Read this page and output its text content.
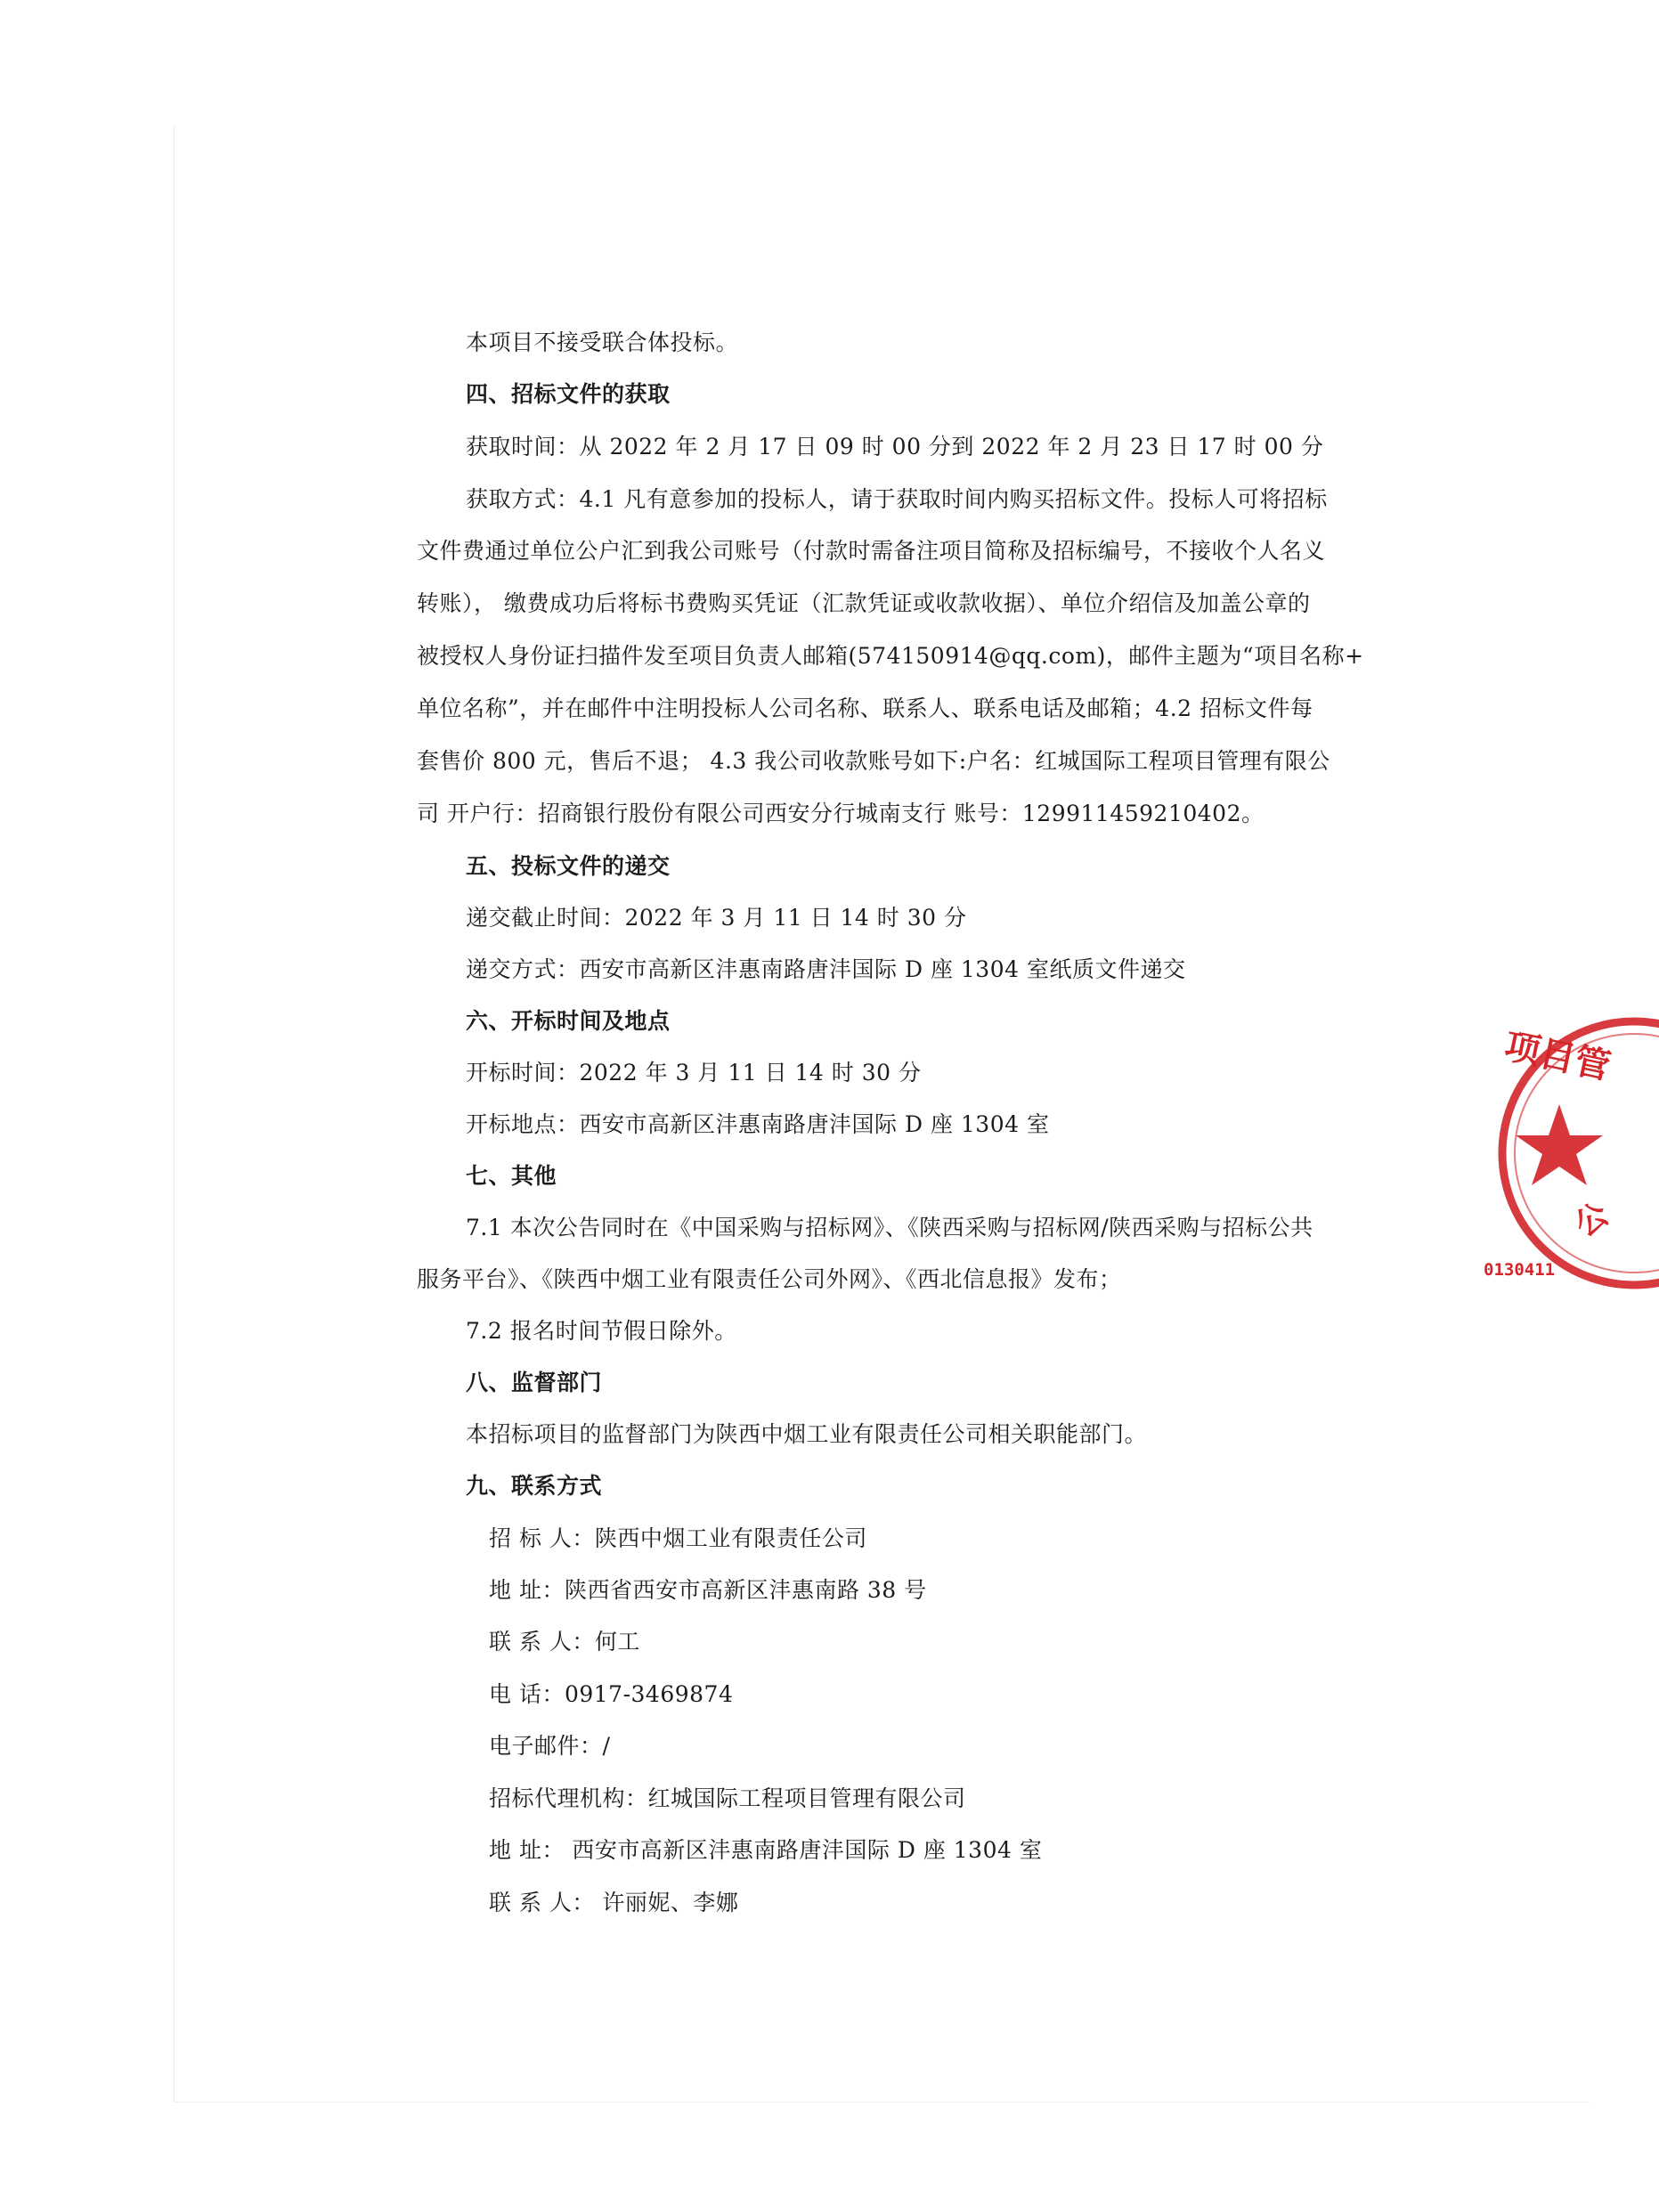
本项目不接受联合体投标。

四、招标文件的获取

获取时间：从 2022 年 2 月 17 日 09 时 00 分到 2022 年 2 月 23 日 17 时 00 分

获取方式：4.1 凡有意参加的投标人，请于获取时间内购买招标文件。投标人可将招标

文件费通过单位公户汇到我公司账号（付款时需备注项目简称及招标编号，不接收个人名义

转账）， 缴费成功后将标书费购买凭证（汇款凭证或收款收据）、单位介绍信及加盖公章的

被授权人身份证扫描件发至项目负责人邮箱(574150914@qq.com)，邮件主题为“项目名称+

单位名称”，并在邮件中注明投标人公司名称、联系人、联系电话及邮箱；4.2 招标文件每

套售价 800 元，售后不退； 4.3 我公司收款账号如下:户名：红城国际工程项目管理有限公

司 开户行：招商银行股份有限公司西安分行城南支行 账号：129911459210402。

五、投标文件的递交

递交截止时间：2022 年 3 月 11 日 14 时 30 分

递交方式：西安市高新区沣惠南路唐沣国际 D 座 1304 室纸质文件递交

六、开标时间及地点

开标时间：2022 年 3 月 11 日 14 时 30 分

开标地点：西安市高新区沣惠南路唐沣国际 D 座 1304 室

七、其他

7.1 本次公告同时在《中国采购与招标网》、《陕西采购与招标网/陕西采购与招标公共

服务平台》、《陕西中烟工业有限责任公司外网》、《西北信息报》发布；

7.2 报名时间节假日除外。

八、监督部门

本招标项目的监督部门为陕西中烟工业有限责任公司相关职能部门。

九、联系方式

招 标 人：陕西中烟工业有限责任公司

地 址：陕西省西安市高新区沣惠南路 38 号

联 系 人：何工

电 话：0917-3469874

电子邮件：/

招标代理机构：红城国际工程项目管理有限公司

地 址： 西安市高新区沣惠南路唐沣国际 D 座 1304 室

联 系 人： 许丽妮、李娜

项目管
公
0130411
